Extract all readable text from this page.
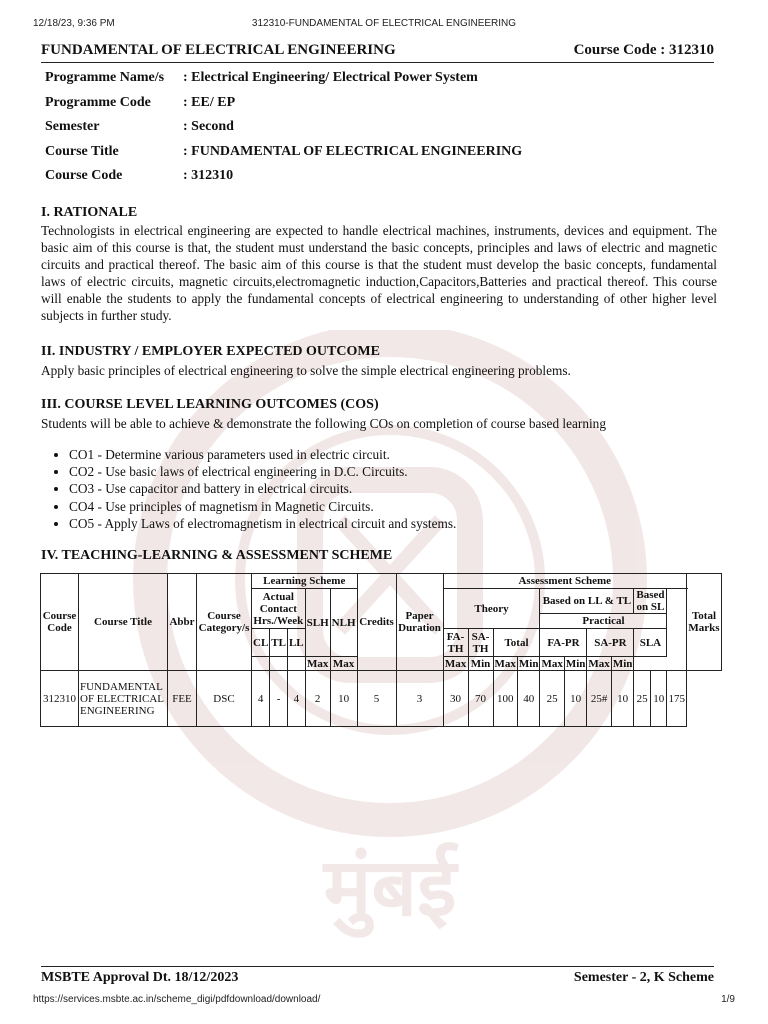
12/18/23, 9:36 PM	312310-FUNDAMENTAL OF ELECTRICAL ENGINEERING
मुंबई
FUNDAMENTAL OF ELECTRICAL ENGINEERING	Course Code : 312310
Programme Name/s	: Electrical Engineering/ Electrical Power System
Programme Code	: EE/ EP
Semester	: Second
Course Title	: FUNDAMENTAL OF ELECTRICAL ENGINEERING
Course Code	: 312310
I. RATIONALE
Technologists in electrical engineering are expected to handle electrical machines, instruments, devices and equipment. The basic aim of this course is that, the student must understand the basic concepts, principles and laws of electric and magnetic circuits and practical thereof. The basic aim of this course is that the student must develop the basic concepts, fundamental laws of electric circuits, magnetic circuits,electromagnetic induction,Capacitors,Batteries and practical thereof. This course will enable the students to apply the fundamental concepts of electrical engineering to understanding of other higher level subjects in further study.
II. INDUSTRY / EMPLOYER EXPECTED OUTCOME
Apply basic principles of electrical engineering to solve the simple electrical engineering problems.
III. COURSE LEVEL LEARNING OUTCOMES (COS)
Students will be able to achieve & demonstrate the following COs on completion of course based learning
• CO1 - Determine various parameters used in electric circuit.
• CO2 - Use basic laws of electrical engineering in D.C. Circuits.
• CO3 - Use capacitor and battery in electrical circuits.
• CO4 - Use principles of magnetism in Magnetic Circuits.
• CO5 - Apply Laws of electromagnetism in electrical circuit and systems.
IV. TEACHING-LEARNING & ASSESSMENT SCHEME
Course Code	Course Title	Abbr	Course Category/s	Learning Scheme					Credits	Paper Duration	Assessment Scheme											Total Marks
				Actual Contact Hrs./Week			SLH	NLH			Theory				Based on LL & TL				Based on SL			
															Practical							
				CL	TL	LL					FA-TH	SA-TH	Total		FA-PR		SA-PR		SLA			
							Max	Max			Max	Min	Max	Min	Max	Min	Max	Min				
312310	FUNDAMENTAL OF ELECTRICAL ENGINEERING	FEE	DSC	4	-	4	2	10	5	3	30	70	100	40	25	10	25#	10	25	10	175	
MSBTE Approval Dt. 18/12/2023	Semester - 2, K Scheme
https://services.msbte.ac.in/scheme_digi/pdfdownload/download/	1/9
